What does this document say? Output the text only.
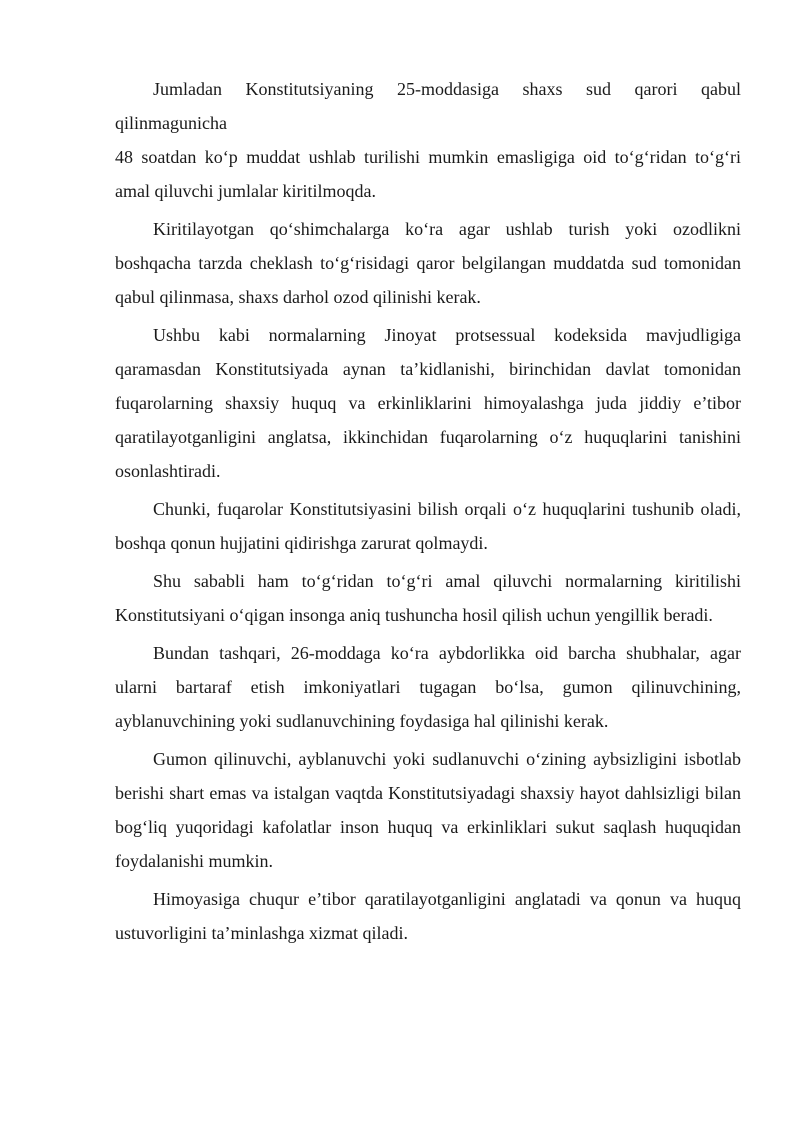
Jumladan Konstitutsiyaning 25-moddasiga shaxs sud qarori qabul
qilinmagunicha
48 soatdan ko‘p muddat ushlab turilishi mumkin emasligiga oid to‘g‘ridan to‘g‘ri amal qiluvchi jumlalar kiritilmoqda.

Kiritilayotgan qo‘shimchalarga ko‘ra agar ushlab turish yoki ozodlikni boshqacha tarzda cheklash to‘g‘risidagi qaror belgilangan muddatda sud tomonidan qabul qilinmasa, shaxs darhol ozod qilinishi kerak.

Ushbu kabi normalarning Jinoyat protsessual kodeksida mavjudligiga qaramasdan Konstitutsiyada aynan ta’kidlanishi, birinchidan davlat tomonidan fuqarolarning shaxsiy huquq va erkinliklarini himoyalashga juda jiddiy e’tibor qaratilayotganligini anglatsa, ikkinchidan fuqarolarning o‘z huquqlarini tanishini osonlashtiradi.

Chunki, fuqarolar Konstitutsiyasini bilish orqali o‘z huquqlarini tushunib oladi, boshqa qonun hujjatini qidirishga zarurat qolmaydi.

Shu sababli ham to‘g‘ridan to‘g‘ri amal qiluvchi normalarning kiritilishi Konstitutsiyani o‘qigan insonga aniq tushuncha hosil qilish uchun yengillik beradi.

Bundan tashqari, 26-moddaga ko‘ra aybdorlikka oid barcha shubhalar, agar ularni bartaraf etish imkoniyatlari tugagan bo‘lsa, gumon qilinuvchining, ayblanuvchining yoki sudlanuvchining foydasiga hal qilinishi kerak.

Gumon qilinuvchi, ayblanuvchi yoki sudlanuvchi o‘zining aybsizligini isbotlab berishi shart emas va istalgan vaqtda Konstitutsiyadagi shaxsiy hayot dahlsizligi bilan bog‘liq yuqoridagi kafolatlar inson huquq va erkinliklari sukut saqlash huquqidan foydalanishi mumkin.

Himoyasiga chuqur e’tibor qaratilayotganligini anglatadi va qonun va huquq ustuvorligini ta’minlashga xizmat qiladi.
